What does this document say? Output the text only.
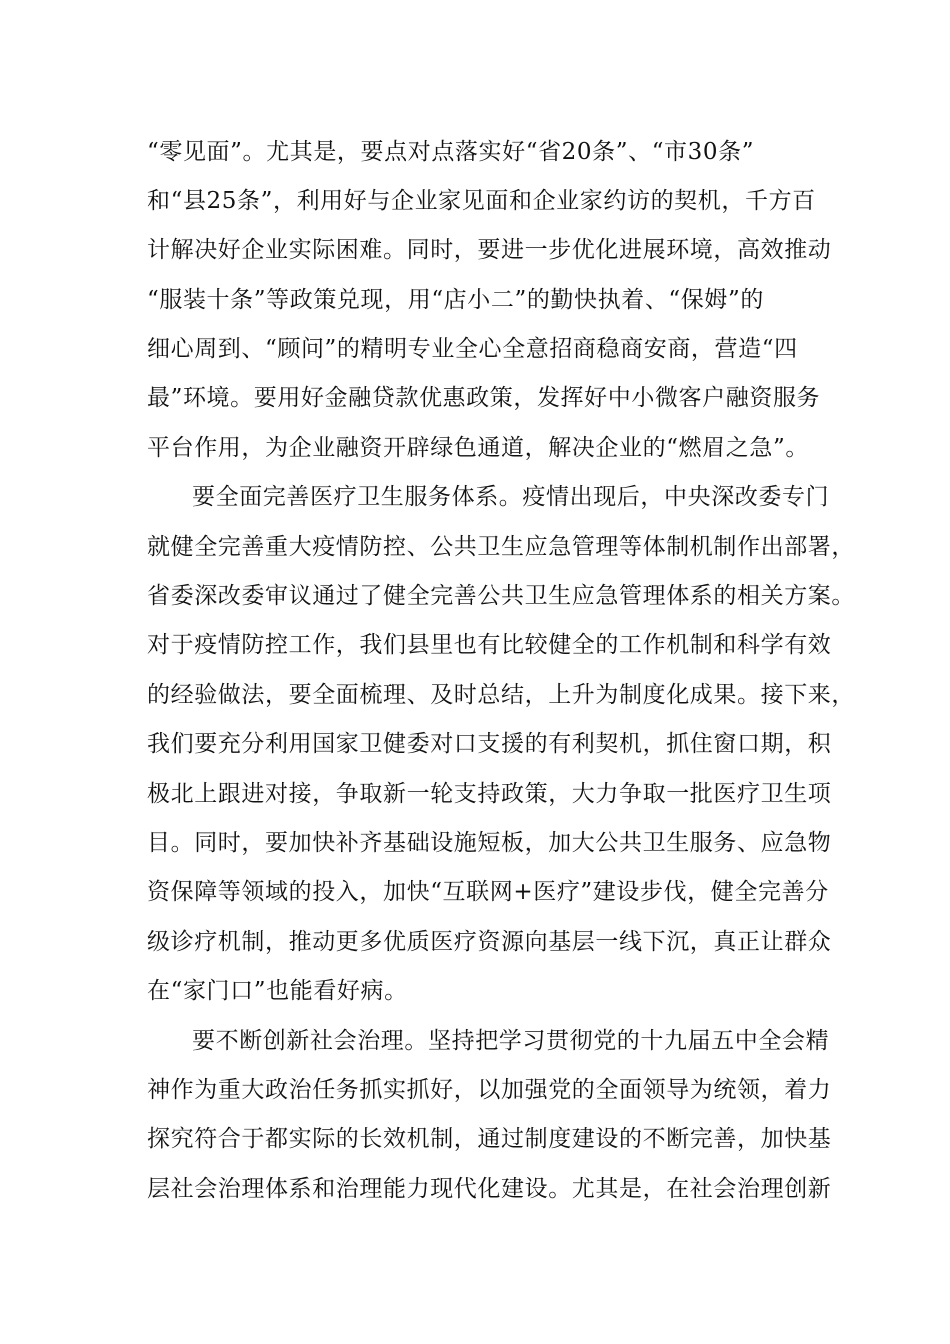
“零见面”。尤其是，要点对点落实好“省20条”、“市30条”
和“县25条”，利用好与企业家见面和企业家约访的契机，千方百
计解决好企业实际困难。同时，要进一步优化进展环境，高效推动
“服装十条”等政策兑现，用“店小二”的勤快执着、“保姆”的
细心周到、“顾问”的精明专业全心全意招商稳商安商，营造“四
最”环境。要用好金融贷款优惠政策，发挥好中小微客户融资服务
平台作用，为企业融资开辟绿色通道，解决企业的“燃眉之急”。
要全面完善医疗卫生服务体系。疫情出现后，中央深改委专门
就健全完善重大疫情防控、公共卫生应急管理等体制机制作出部署，
省委深改委审议通过了健全完善公共卫生应急管理体系的相关方案。
对于疫情防控工作，我们县里也有比较健全的工作机制和科学有效
的经验做法，要全面梳理、及时总结，上升为制度化成果。接下来，
我们要充分利用国家卫健委对口支援的有利契机，抓住窗口期，积
极北上跟进对接，争取新一轮支持政策，大力争取一批医疗卫生项
目。同时，要加快补齐基础设施短板，加大公共卫生服务、应急物
资保障等领域的投入，加快“互联网+医疗”建设步伐，健全完善分
级诊疗机制，推动更多优质医疗资源向基层一线下沉，真正让群众
在“家门口”也能看好病。
要不断创新社会治理。坚持把学习贯彻党的十九届五中全会精
神作为重大政治任务抓实抓好，以加强党的全面领导为统领，着力
探究符合于都实际的长效机制，通过制度建设的不断完善，加快基
层社会治理体系和治理能力现代化建设。尤其是，在社会治理创新
